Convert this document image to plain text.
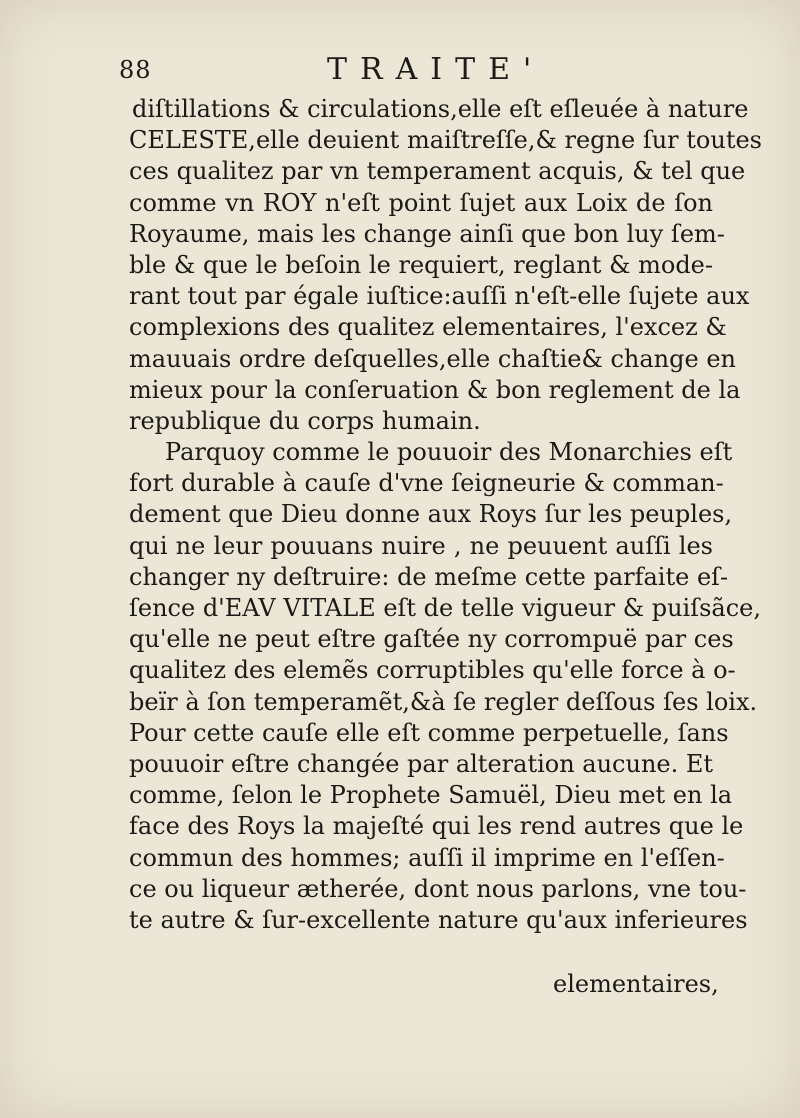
88	TRAITE'
diſtillations & circulations,elle eſt eſleuée à nature
CELESTE,elle deuient maiſtreſſe,& regne ſur toutes
ces qualitez par vn temperament acquis, & tel que
comme vn ROY n'eſt point ſujet aux Loix de ſon
Royaume, mais les change ainſi que bon luy ſem-
ble & que le beſoin le requiert, reglant & mode-
rant tout par égale iuſtice:auſſi n'eſt-elle ſujete aux
complexions des qualitez elementaires, l'excez &
mauuais ordre deſquelles,elle chaſtie& change en
mieux pour la conſeruation & bon reglement de la
republique du corps humain.
Parquoy comme le pouuoir des Monarchies eſt
fort durable à cauſe d'vne ſeigneurie & comman-
dement que Dieu donne aux Roys ſur les peuples,
qui ne leur pouuans nuire , ne peuuent auſſi les
changer ny deſtruire: de meſme cette parfaite eſ-
ſence d'EAV VITALE eſt de telle vigueur & puiſsãce,
qu'elle ne peut eſtre gaſtée ny corrompuë par ces
qualitez des elemẽs corruptibles qu'elle force à o-
beïr à ſon temperamẽt,&à ſe regler deſſous ſes loix.
Pour cette cauſe elle eſt comme perpetuelle, ſans
pouuoir eſtre changée par alteration aucune. Et
comme, ſelon le Prophete Samuël, Dieu met en la
face des Roys la majeſté qui les rend autres que le
commun des hommes; auſſi il imprime en l'eſſen-
ce ou liqueur ætherée, dont nous parlons, vne tou-
te autre & ſur-excellente nature qu'aux inferieures
elementaires,
